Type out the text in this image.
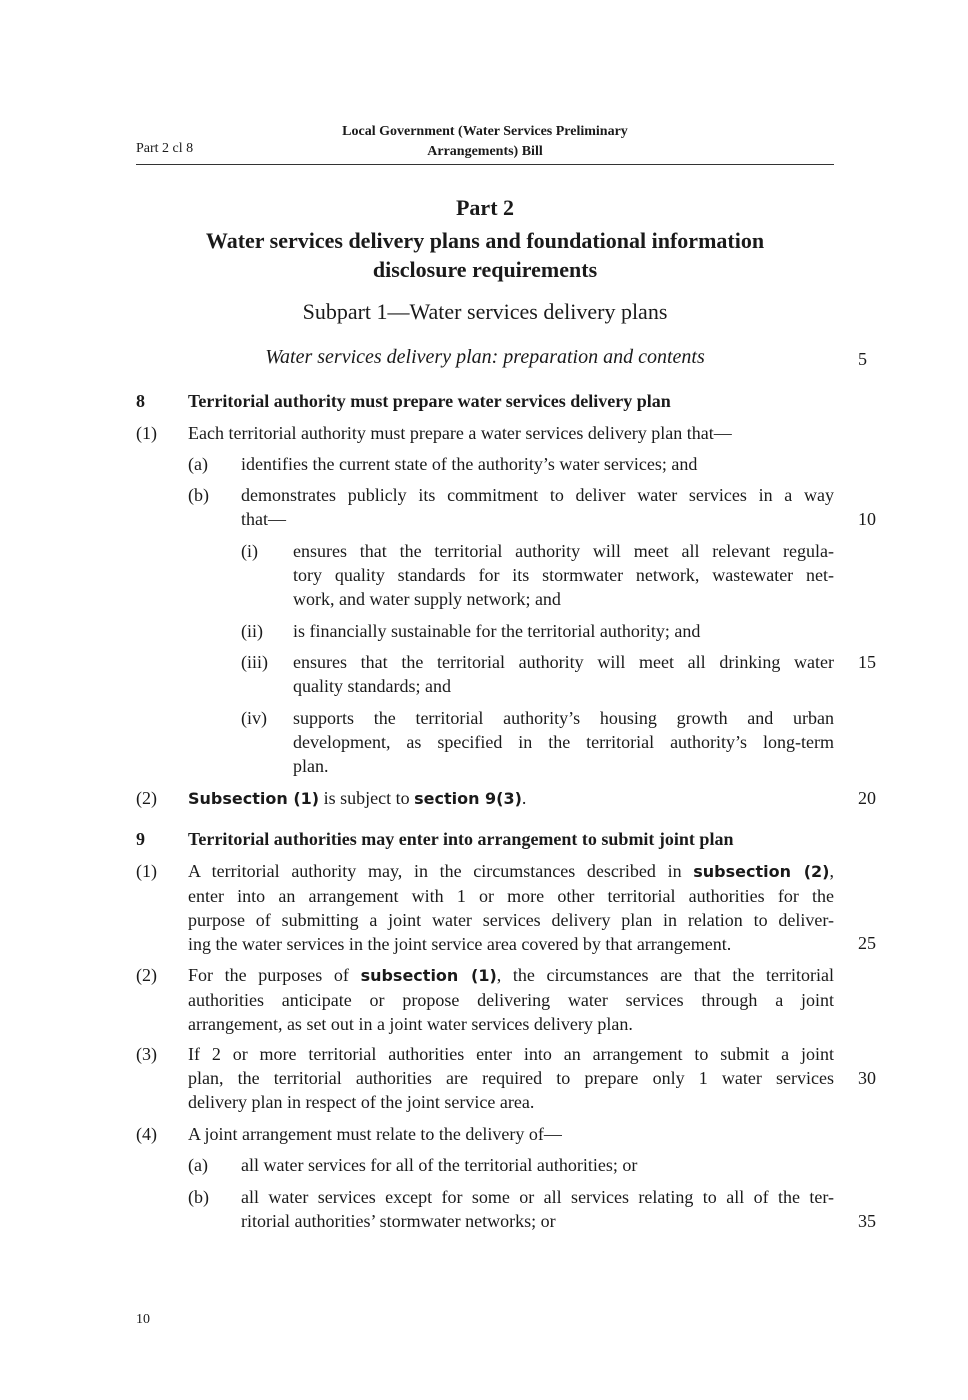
Part 2 cl 8
Local Government (Water Services Preliminary
Arrangements) Bill
Part 2
Water services delivery plans and foundational information
disclosure requirements
Subpart 1—Water services delivery plans
Water services delivery plan: preparation and contents	5
8 Territorial authority must prepare water services delivery plan
(1) Each territorial authority must prepare a water services delivery plan that—
(a) identifies the current state of the authority’s water services; and
(b) demonstrates publicly its commitment to deliver water services in a way
that—	10
(i) ensures that the territorial authority will meet all relevant regula-
tory quality standards for its stormwater network, wastewater net-
work, and water supply network; and
(ii) is financially sustainable for the territorial authority; and
(iii) ensures that the territorial authority will meet all drinking water
quality standards; and
15
(iv) supports the territorial authority’s housing growth and urban
development, as specified in the territorial authority’s long-term
plan.
(2) Subsection (1) is subject to section 9(3).	20
9 Territorial authorities may enter into arrangement to submit joint plan
(1) A territorial authority may, in the circumstances described in subsection (2),
enter into an arrangement with 1 or more other territorial authorities for the
purpose of submitting a joint water services delivery plan in relation to deliver-
ing the water services in the joint service area covered by that arrangement.	25
(2) For the purposes of subsection (1), the circumstances are that the territorial
authorities anticipate or propose delivering water services through a joint
arrangement, as set out in a joint water services delivery plan.
(3) If 2 or more territorial authorities enter into an arrangement to submit a joint
plan, the territorial authorities are required to prepare only 1 water services
delivery plan in respect of the joint service area.
30
(4) A joint arrangement must relate to the delivery of—
(a) all water services for all of the territorial authorities; or
(b) all water services except for some or all services relating to all of the ter-
ritorial authorities’ stormwater networks; or	35
10
